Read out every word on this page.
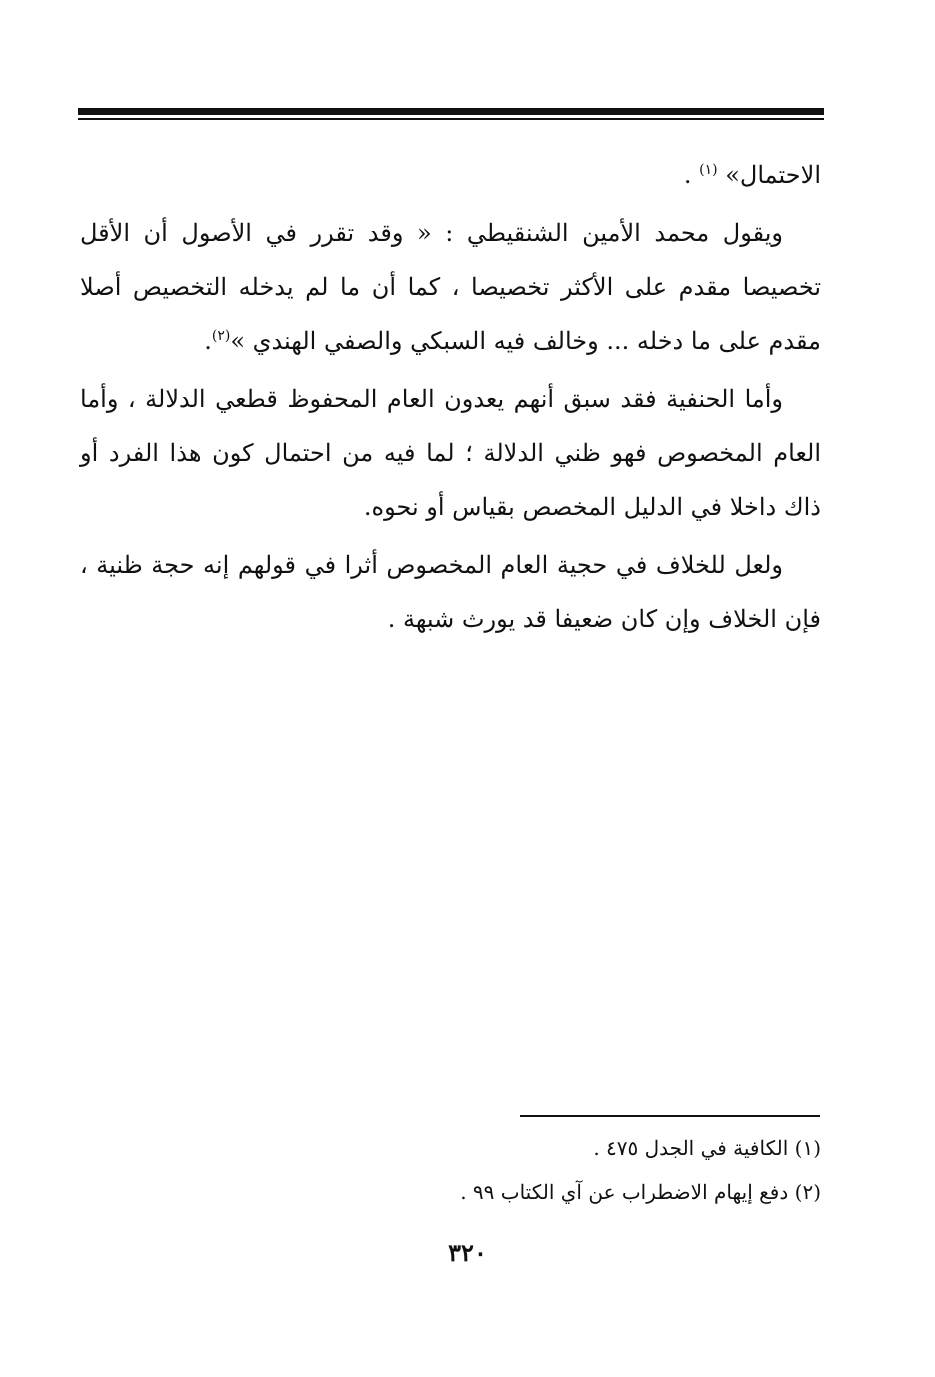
الاحتمال» $^{(١)}$ .

ويقول محمد الأمين الشنقيطي : « وقد تقرر في الأصول أن الأقل تخصيصا مقدم على الأكثر تخصيصا ، كما أن ما لم يدخله التخصيص أصلا مقدم على ما دخله ... وخالف فيه السبكي والصفي الهندي »$^{(٢)}$.

وأما الحنفية فقد سبق أنهم يعدون العام المحفوظ قطعي الدلالة ، وأما العام المخصوص فهو ظني الدلالة ؛ لما فيه من احتمال كون هذا الفرد أو ذاك داخلا في الدليل المخصص بقياس أو نحوه.

ولعل للخلاف في حجية العام المخصوص أثرا في قولهم إنه حجة ظنية ، فإن الخلاف وإن كان ضعيفا قد يورث شبهة .

(١) الكافية في الجدل ٤٧٥ .
(٢) دفع إيهام الاضطراب عن آي الكتاب ٩٩ .
٣٢٠
